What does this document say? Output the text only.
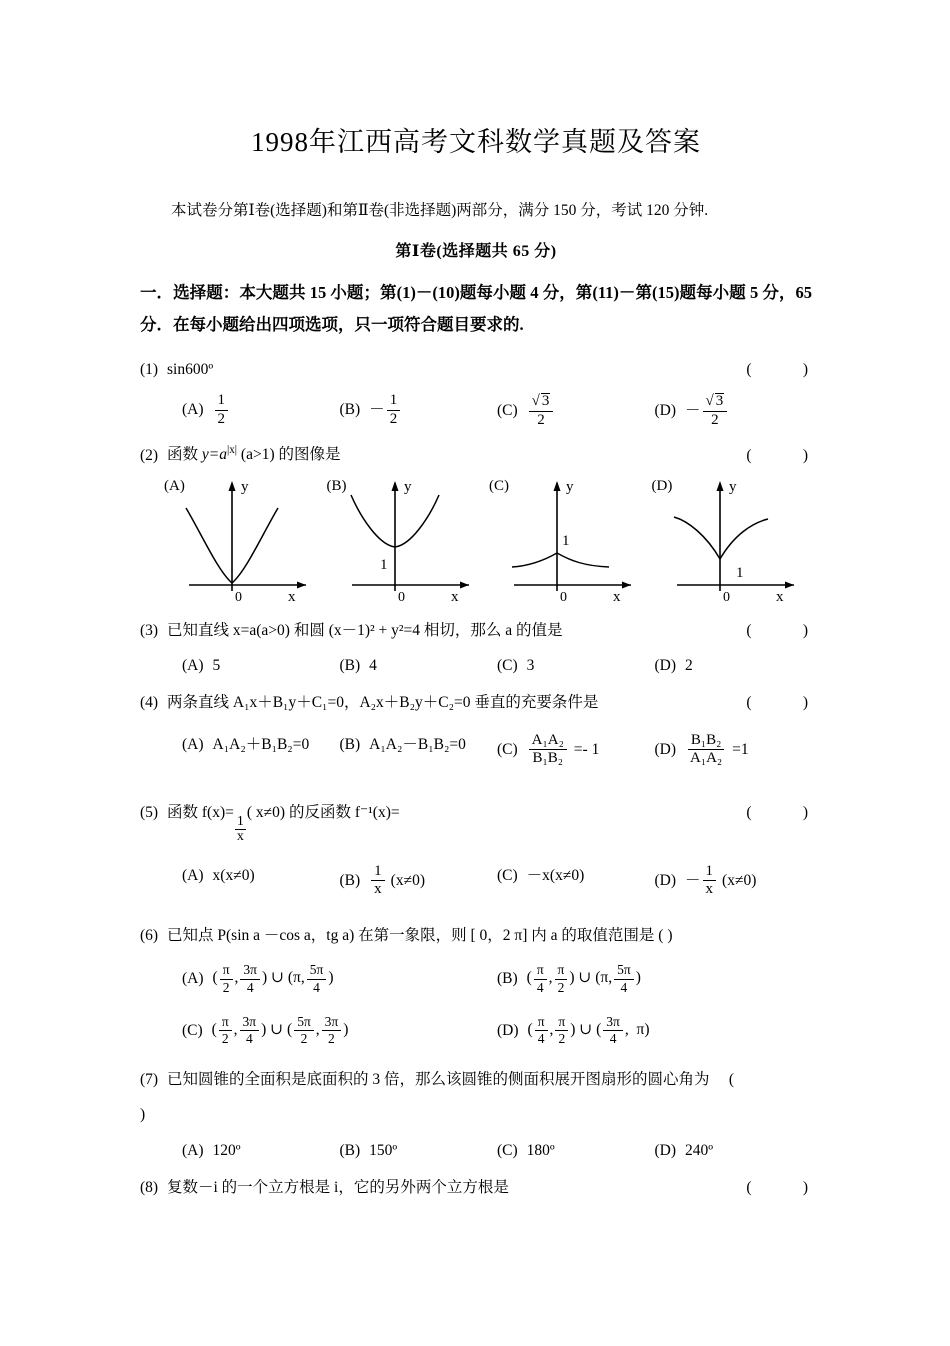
1998年江西高考文科数学真题及答案

本试卷分第Ⅰ卷(选择题)和第Ⅱ卷(非选择题)两部分，满分 150 分，考试 120 分钟.

第Ⅰ卷(选择题共 65 分)

一．选择题：本大题共 15 小题；第(1)－(10)题每小题 4 分，第(11)－第(15)题每小题 5 分，65 分．在每小题给出四项选项，只一项符合题目要求的.

(1) sin600º	(      )
$(A) \frac{1}{2}$	$(B) - \frac{1}{2}$	$(C) \frac{√ 3}{2}$	$(D) - \frac{√ 3}{2}$
(2) 函数 $y=a^{|x|}$ (a>1) 的图像是	(      )
(A)	y
x
0
(B)	y
x
0
1
(C)	y
x
0
1
(D)	y
x
0
1
(3) 已知直线 x=a(a>0) 和圆 (x－1)² + y²=4 相切，那么 a 的值是	(      )
(A) 5	(B) 4	(C) 3	(D) 2
(4) 两条直线 A₁x＋B₁y＋C₁=0，A₂x＋B₂y＋C₂=0 垂直的充要条件是	(      )
(A) A₁A₂＋B₁B₂=0 (B) A₁A₂－B₁B₂=0 $(C) \frac{\text{A₁A₂}}{\text{B₁B₂}} =- 1$	$(D) \frac{\text{B₁B₂}}{\text{A₁A₂}} =1$
(5) 函数 f(x)=
$\frac{1}{x}$
( x≠0) 的反函数 f⁻¹(x)=	(      )
(A) x(x≠0)	$(B) \frac{1}{x} (x\ne 0)$	(C) －x(x≠0)	$(D) - \frac{1}{x} (x\ne 0)$
(6) 已知点 P(sin a －cos a，tg a) 在第一象限，则 [ 0，2 π] 内 a 的取值范围是 ( )
(A) ( $\frac{\pi}{2}$ , $\frac{3\pi}{4}$ ) ∪ (π, $\frac{5\pi}{4}$ )	(B) ( $\frac{\pi}{4}$ , $\frac{\pi}{2}$ ) ∪ (π, $\frac{5\pi}{4}$ )
(C) ( $\frac{\pi}{2}$ , $\frac{3\pi}{4}$ ) ∪ ( $\frac{5\pi}{2}$ , $\frac{3\pi}{2}$ )	(D) ( $\frac{\pi}{4}$ , $\frac{\pi}{2}$ ) ∪ ( $\frac{3\pi}{4}$ ,  π)
(7) 已知圆锥的全面积是底面积的 3 倍，那么该圆锥的侧面积展开图扇形的圆心角为 　(
)
(A) 120º	(B) 150º	(C) 180º	(D) 240º
(8) 复数－i 的一个立方根是 i，它的另外两个立方根是	(      )
